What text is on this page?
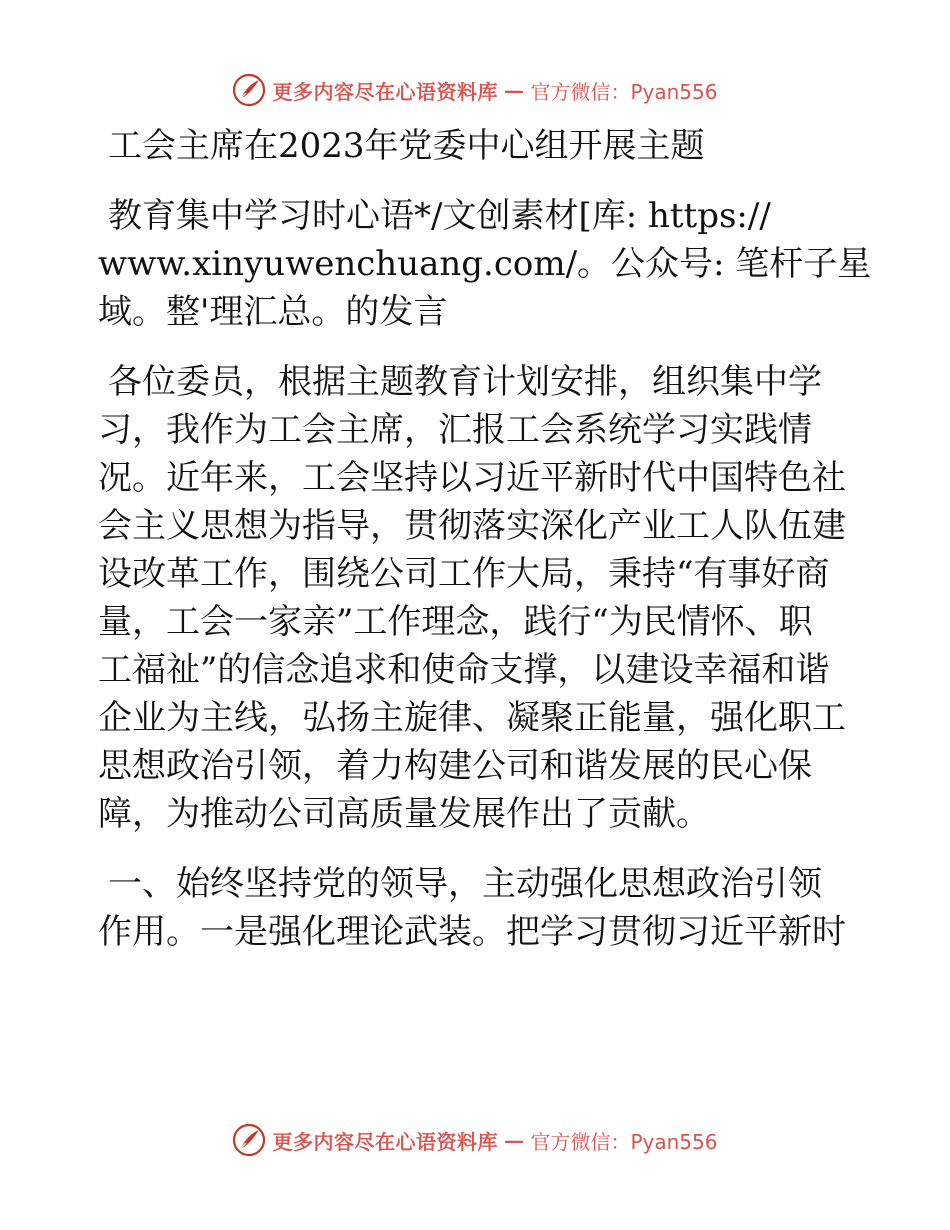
更多内容尽在心语资料库 — 官方微信：Pyan556
工会主席在2023年党委中心组开展主题
教育集中学习时心语*/文创素材[库: https://
www.xinyuwenchuang.com/。公众号: 笔杆子星
域。整'理汇总。的发言

各位委员，根据主题教育计划安排，组织集中学
习，我作为工会主席，汇报工会系统学习实践情
况。近年来，工会坚持以习近平新时代中国特色社
会主义思想为指导，贯彻落实深化产业工人队伍建
设改革工作，围绕公司工作大局，秉持“有事好商
量，工会一家亲”工作理念，践行“为民情怀、职
工福祉”的信念追求和使命支撑，以建设幸福和谐
企业为主线，弘扬主旋律、凝聚正能量，强化职工
思想政治引领，着力构建公司和谐发展的民心保
障，为推动公司高质量发展作出了贡献。

一、始终坚持党的领导，主动强化思想政治引领
作用。一是强化理论武装。把学习贯彻习近平新时

更多内容尽在心语资料库 — 官方微信：Pyan556
